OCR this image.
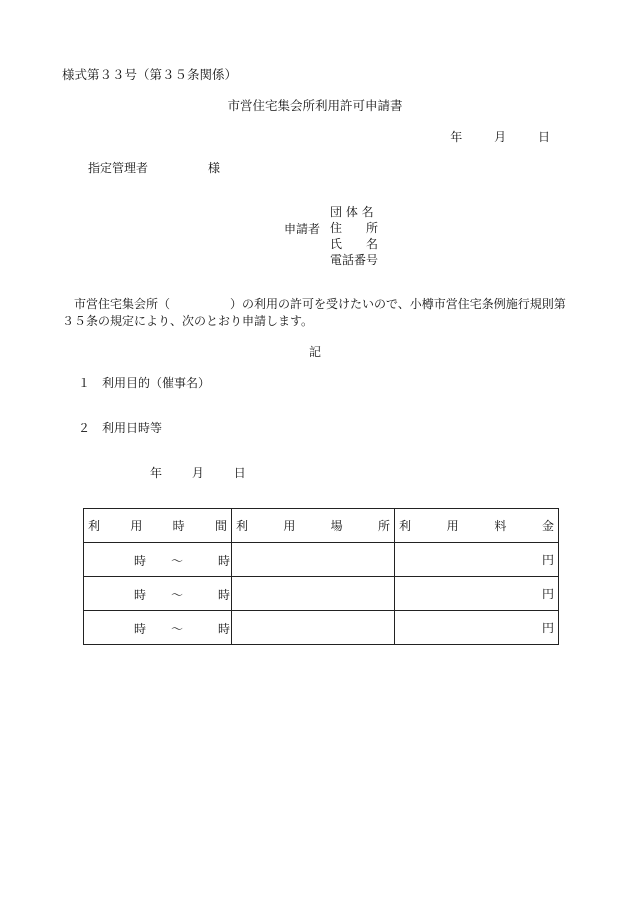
様式第３３号（第３５条関係）
市営住宅集会所利用許可申請書
年	月	日
指定管理者	様
申請者
団 体 名
住　　所
氏　　名
電話番号
　市営住宅集会所（　　　　　）の利用の許可を受けたいので、小樽市営住宅条例施行規則第
３５条の規定により、次のとおり申請します。
記
１　利用目的（催事名）
２　利用日時等
年 月 日
利用時間	利用場所	利用料金

時 ～ 時		円

時 ～ 時		円

時 ～ 時		円
